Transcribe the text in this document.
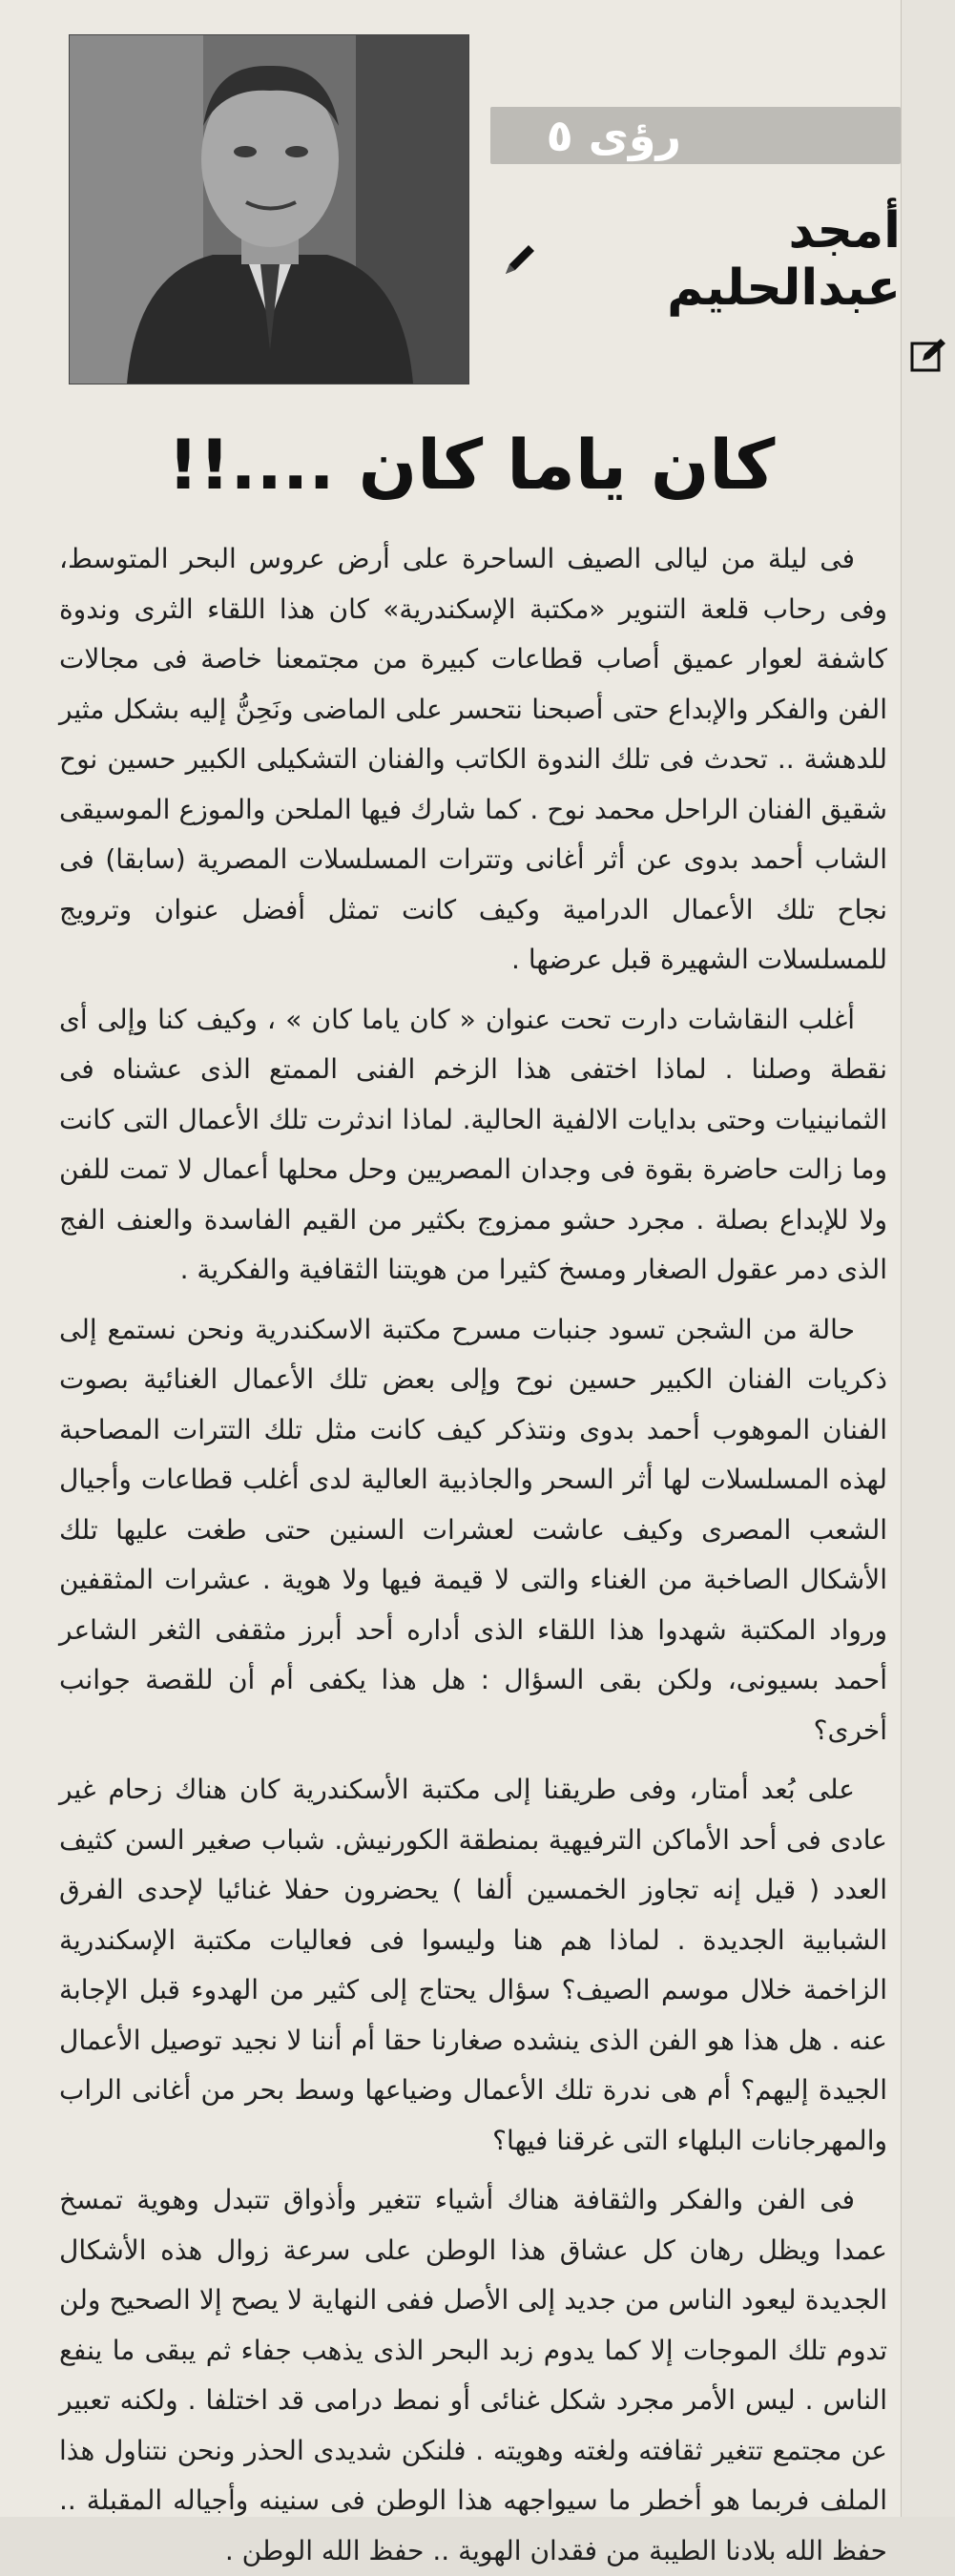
رؤى ٥
أمجد عبدالحليم
كان ياما كان ....!!

فى ليلة من ليالى الصيف الساحرة على أرض عروس البحر المتوسط، وفى رحاب قلعة التنوير «مكتبة الإسكندرية» كان هذا اللقاء الثرى وندوة كاشفة لعوار عميق أصاب قطاعات كبيرة من مجتمعنا خاصة فى مجالات الفن والفكر والإبداع حتى أصبحنا نتحسر على الماضى ونَحِنُّ إليه بشكل مثير للدهشة .. تحدث فى تلك الندوة الكاتب والفنان التشكيلى الكبير حسين نوح شقيق الفنان الراحل محمد نوح . كما شارك فيها الملحن والموزع الموسيقى الشاب أحمد بدوى عن أثر أغانى وتترات المسلسلات المصرية (سابقا) فى نجاح تلك الأعمال الدرامية وكيف كانت تمثل أفضل عنوان وترويج للمسلسلات الشهيرة قبل عرضها .

أغلب النقاشات دارت تحت عنوان « كان ياما كان » ، وكيف كنا وإلى أى نقطة وصلنا . لماذا اختفى هذا الزخم الفنى الممتع الذى عشناه فى الثمانينيات وحتى بدايات الالفية الحالية. لماذا اندثرت تلك الأعمال التى كانت وما زالت حاضرة بقوة فى وجدان المصريين وحل محلها أعمال لا تمت للفن ولا للإبداع بصلة . مجرد حشو ممزوج بكثير من القيم الفاسدة والعنف الفج الذى دمر عقول الصغار ومسخ كثيرا من هويتنا الثقافية والفكرية .

حالة من الشجن تسود جنبات مسرح مكتبة الاسكندرية ونحن نستمع إلى ذكريات الفنان الكبير حسين نوح وإلى بعض تلك الأعمال الغنائية بصوت الفنان الموهوب أحمد بدوى ونتذكر كيف كانت مثل تلك التترات المصاحبة لهذه المسلسلات لها أثر السحر والجاذبية العالية لدى أغلب قطاعات وأجيال الشعب المصرى وكيف عاشت لعشرات السنين حتى طغت عليها تلك الأشكال الصاخبة من الغناء والتى لا قيمة فيها ولا هوية . عشرات المثقفين ورواد المكتبة شهدوا هذا اللقاء الذى أداره أحد أبرز مثقفى الثغر الشاعر أحمد بسيونى، ولكن بقى السؤال : هل هذا يكفى أم أن للقصة جوانب أخرى؟

على بُعد أمتار، وفى طريقنا إلى مكتبة الأسكندرية كان هناك زحام غير عادى فى أحد الأماكن الترفيهية بمنطقة الكورنيش. شباب صغير السن كثيف العدد ( قيل إنه تجاوز الخمسين ألفا ) يحضرون حفلا غنائيا لإحدى الفرق الشبابية الجديدة . لماذا هم هنا وليسوا فى فعاليات مكتبة الإسكندرية الزاخمة خلال موسم الصيف؟ سؤال يحتاج إلى كثير من الهدوء قبل الإجابة عنه . هل هذا هو الفن الذى ينشده صغارنا حقا أم أننا لا نجيد توصيل الأعمال الجيدة إليهم؟ أم هى ندرة تلك الأعمال وضياعها وسط بحر من أغانى الراب والمهرجانات البلهاء التى غرقنا فيها؟

فى الفن والفكر والثقافة هناك أشياء تتغير وأذواق تتبدل وهوية تمسخ عمدا ويظل رهان كل عشاق هذا الوطن على سرعة زوال هذه الأشكال الجديدة ليعود الناس من جديد إلى الأصل ففى النهاية لا يصح إلا الصحيح ولن تدوم تلك الموجات إلا كما يدوم زبد البحر الذى يذهب جفاء ثم يبقى ما ينفع الناس . ليس الأمر مجرد شكل غنائى أو نمط درامى قد اختلفا . ولكنه تعبير عن مجتمع تتغير ثقافته ولغته وهويته . فلنكن شديدى الحذر ونحن نتناول هذا الملف فربما هو أخطر ما سيواجهه هذا الوطن فى سنينه وأجياله المقبلة .. حفظ الله بلادنا الطيبة من فقدان الهوية .. حفظ الله الوطن .
